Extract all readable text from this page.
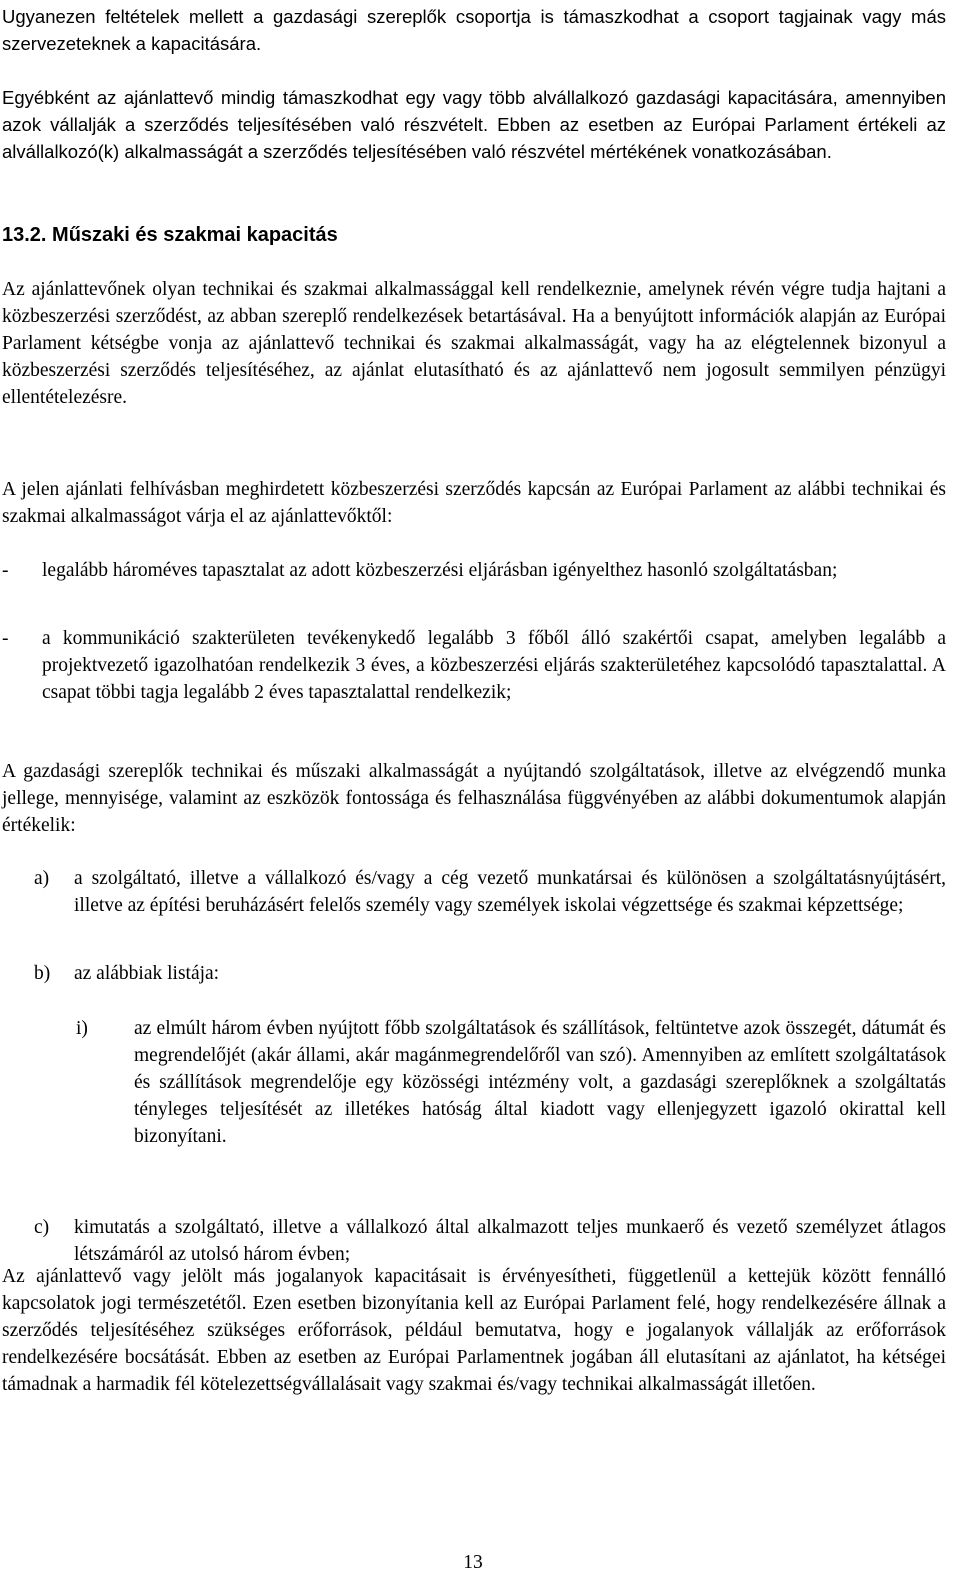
Ugyanezen feltételek mellett a gazdasági szereplők csoportja is támaszkodhat a csoport tagjainak vagy más szervezeteknek a kapacitására.

Egyébként az ajánlattevő mindig támaszkodhat egy vagy több alvállalkozó gazdasági kapacitására, amennyiben azok vállalják a szerződés teljesítésében való részvételt. Ebben az esetben az Európai Parlament értékeli az alvállalkozó(k) alkalmasságát a szerződés teljesítésében való részvétel mértékének vonatkozásában.

13.2. Műszaki és szakmai kapacitás

Az ajánlattevőnek olyan technikai és szakmai alkalmassággal kell rendelkeznie, amelynek révén végre tudja hajtani a közbeszerzési szerződést, az abban szereplő rendelkezések betartásával. Ha a benyújtott információk alapján az Európai Parlament kétségbe vonja az ajánlattevő technikai és szakmai alkalmasságát, vagy ha az elégtelennek bizonyul a közbeszerzési szerződés teljesítéséhez, az ajánlat elutasítható és az ajánlattevő nem jogosult semmilyen pénzügyi ellentételezésre.

A jelen ajánlati felhívásban meghirdetett közbeszerzési szerződés kapcsán az Európai Parlament az alábbi technikai és szakmai alkalmasságot várja el az ajánlattevőktől:

-	legalább hároméves tapasztalat az adott közbeszerzési eljárásban igényelthez hasonló szolgáltatásban;
-	a kommunikáció szakterületen tevékenykedő legalább 3 főből álló szakértői csapat, amelyben legalább a projektvezető igazolhatóan rendelkezik 3 éves, a közbeszerzési eljárás szakterületéhez kapcsolódó tapasztalattal. A csapat többi tagja legalább 2 éves tapasztalattal rendelkezik;

A gazdasági szereplők technikai és műszaki alkalmasságát a nyújtandó szolgáltatások, illetve az elvégzendő munka jellege, mennyisége, valamint az eszközök fontossága és felhasználása függvényében az alábbi dokumentumok alapján értékelik:

a)	a szolgáltató, illetve a vállalkozó és/vagy a cég vezető munkatársai és különösen a szolgáltatásnyújtásért, illetve az építési beruházásért felelős személy vagy személyek iskolai végzettsége és szakmai képzettsége;
b)	az alábbiak listája:
i)	az elmúlt három évben nyújtott főbb szolgáltatások és szállítások, feltüntetve azok összegét, dátumát és megrendelőjét (akár állami, akár magánmegrendelőről van szó). Amennyiben az említett szolgáltatások és szállítások megrendelője egy közösségi intézmény volt, a gazdasági szereplőknek a szolgáltatás tényleges teljesítését az illetékes hatóság által kiadott vagy ellenjegyzett igazoló okirattal kell bizonyítani.
c)	kimutatás a szolgáltató, illetve a vállalkozó által alkalmazott teljes munkaerő és vezető személyzet átlagos létszámáról az utolsó három évben;

Az ajánlattevő vagy jelölt más jogalanyok kapacitásait is érvényesítheti, függetlenül a kettejük között fennálló kapcsolatok jogi természetétől. Ezen esetben bizonyítania kell az Európai Parlament felé, hogy rendelkezésére állnak a szerződés teljesítéséhez szükséges erőforrások, például bemutatva, hogy e jogalanyok vállalják az erőforrások rendelkezésére bocsátását. Ebben az esetben az Európai Parlamentnek jogában áll elutasítani az ajánlatot, ha kétségei támadnak a harmadik fél kötelezettségvállalásait vagy szakmai és/vagy technikai alkalmasságát illetően.

13
